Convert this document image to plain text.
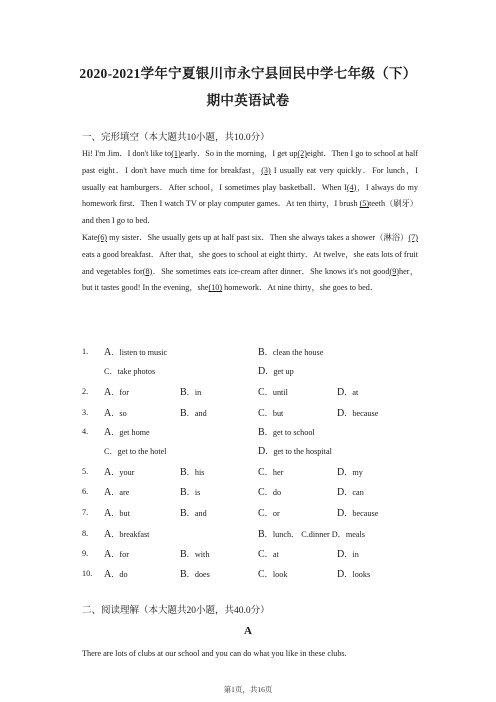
2020-2021学年宁夏银川市永宁县回民中学七年级（下）
期中英语试卷
一、完形填空（本大题共10小题，共10.0分）
Hi! I'm Jim．I don't like to(1)early．So in the morning，I get up(2)eight．Then I go to school at half past eight．I don't have much time for breakfast，(3) I usually eat very quickly．For lunch，I usually eat hamburgers．After school，I sometimes play basketball．When I(4)，I always do my homework first．Then I watch TV or play computer games．At ten thirty，I brush (5)teeth（刷牙）and then I go to bed．
Kate(6) my sister．She usually gets up at half past six．Then she always takes a shower（淋浴）(7) eats a good breakfast．After that，she goes to school at eight thirty．At twelve，she eats lots of fruit and vegetables for(8)．She sometimes eats ice-cream after dinner．She knows it's not good(9)her，but it tastes good! In the evening，she(10) homework．At nine thirty，she goes to bed．
1. A．listen to music	B．clean the house
C．take photos	D．get up
2. A．for	B．in	C．until	D．at
3. A．so	B．and	C．but	D．because
4. A．get home	B．get to school
C．get to the hotel	D．get to the hospital
5. A．your	B．his	C．her	D．my
6. A．are	B．is	C．do	D．can
7. A．but	B．and	C．or	D．because
8. A．breakfast	B．lunch． C.dinner D．meals
9. A．for	B．with	C．at	D．in
10. A．do	B．does	C．look	D．looks
二、阅读理解（本大题共20小题，共40.0分）
A
There are lots of clubs at our school and you can do what you like in these clubs.
第1页，共16页
